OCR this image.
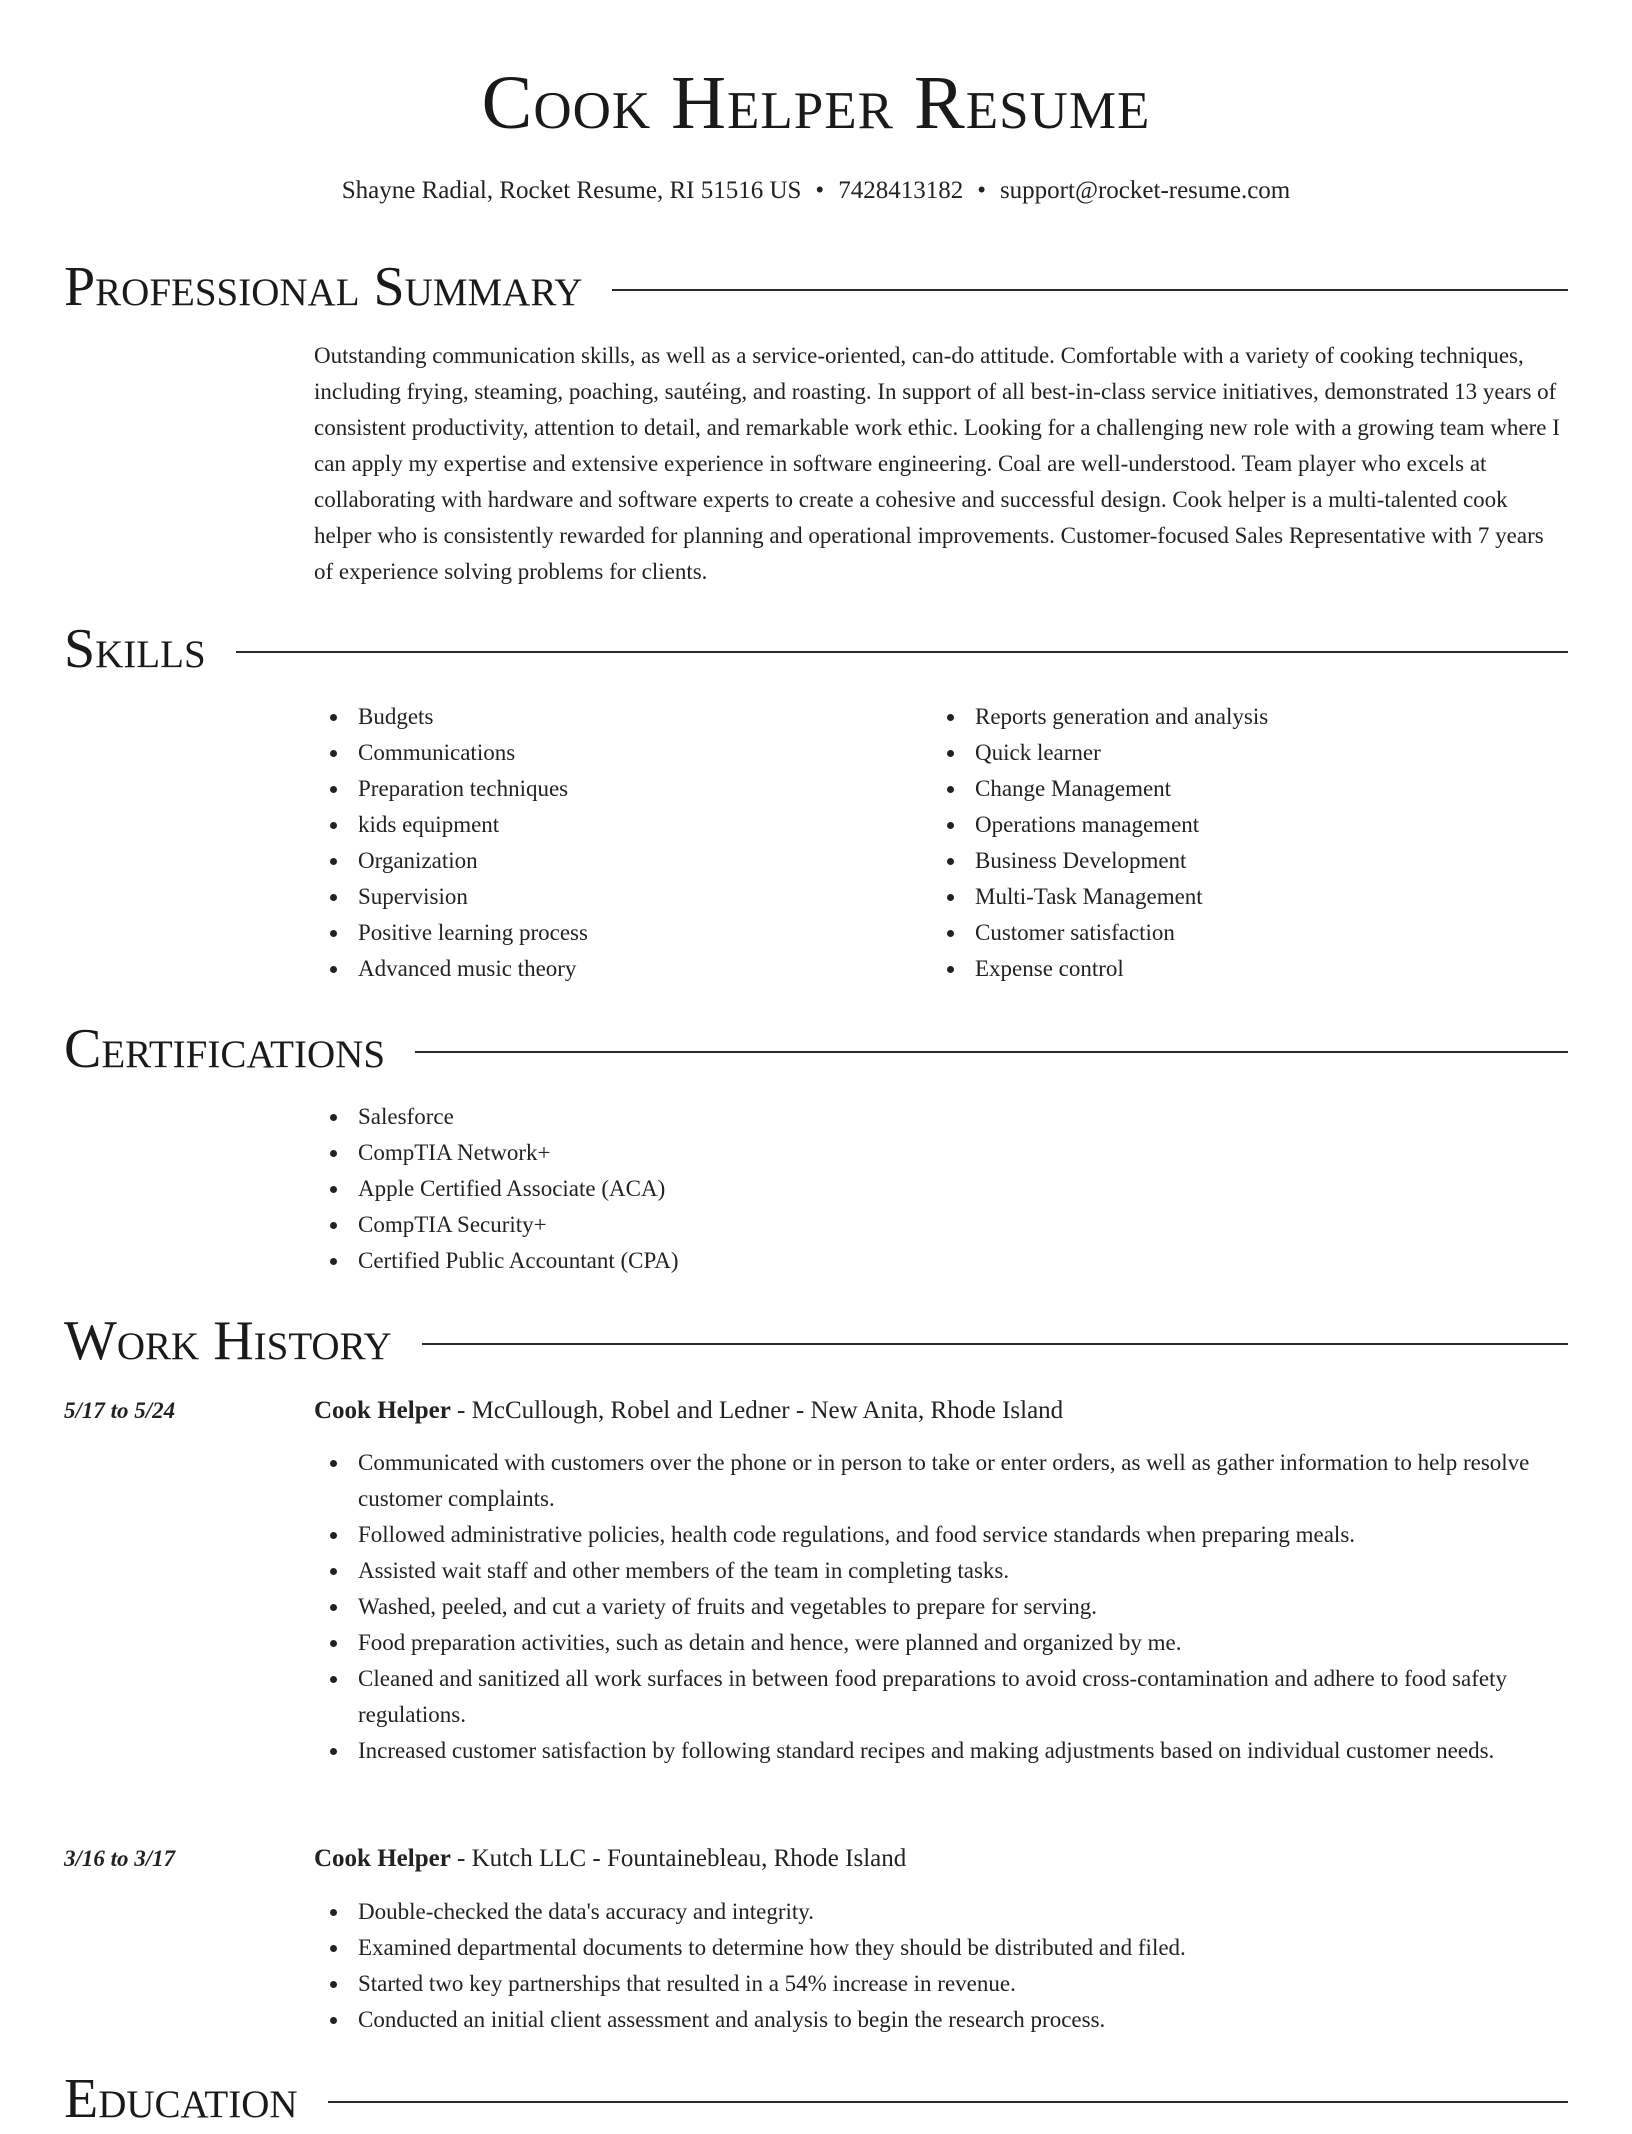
Cook Helper Resume
Shayne Radial, Rocket Resume, RI 51516 US • 7428413182 • support@rocket-resume.com
Professional Summary

Outstanding communication skills, as well as a service-oriented, can-do attitude. Comfortable with a variety of cooking techniques, including frying, steaming, poaching, sautéing, and roasting. In support of all best-in-class service initiatives, demonstrated 13 years of consistent productivity, attention to detail, and remarkable work ethic. Looking for a challenging new role with a growing team where I can apply my expertise and extensive experience in software engineering. Coal are well-understood. Team player who excels at collaborating with hardware and software experts to create a cohesive and successful design. Cook helper is a multi-talented cook helper who is consistently rewarded for planning and operational improvements. Customer-focused Sales Representative with 7 years of experience solving problems for clients.

Skills
Budgets
Communications
Preparation techniques
kids equipment
Organization
Supervision
Positive learning process
Advanced music theory
Reports generation and analysis
Quick learner
Change Management
Operations management
Business Development
Multi-Task Management
Customer satisfaction
Expense control
Certifications
Salesforce
CompTIA Network+
Apple Certified Associate (ACA)
CompTIA Security+
Certified Public Accountant (CPA)
Work History
5/17 to 5/24	Cook Helper - McCullough, Robel and Ledner - New Anita, Rhode Island
Communicated with customers over the phone or in person to take or enter orders, as well as gather information to help resolve customer complaints.
Followed administrative policies, health code regulations, and food service standards when preparing meals.
Assisted wait staff and other members of the team in completing tasks.
Washed, peeled, and cut a variety of fruits and vegetables to prepare for serving.
Food preparation activities, such as detain and hence, were planned and organized by me.
Cleaned and sanitized all work surfaces in between food preparations to avoid cross-contamination and adhere to food safety regulations.
Increased customer satisfaction by following standard recipes and making adjustments based on individual customer needs.
3/16 to 3/17	Cook Helper - Kutch LLC - Fountainebleau, Rhode Island
Double-checked the data's accuracy and integrity.
Examined departmental documents to determine how they should be distributed and filed.
Started two key partnerships that resulted in a 54% increase in revenue.
Conducted an initial client assessment and analysis to begin the research process.
Education
